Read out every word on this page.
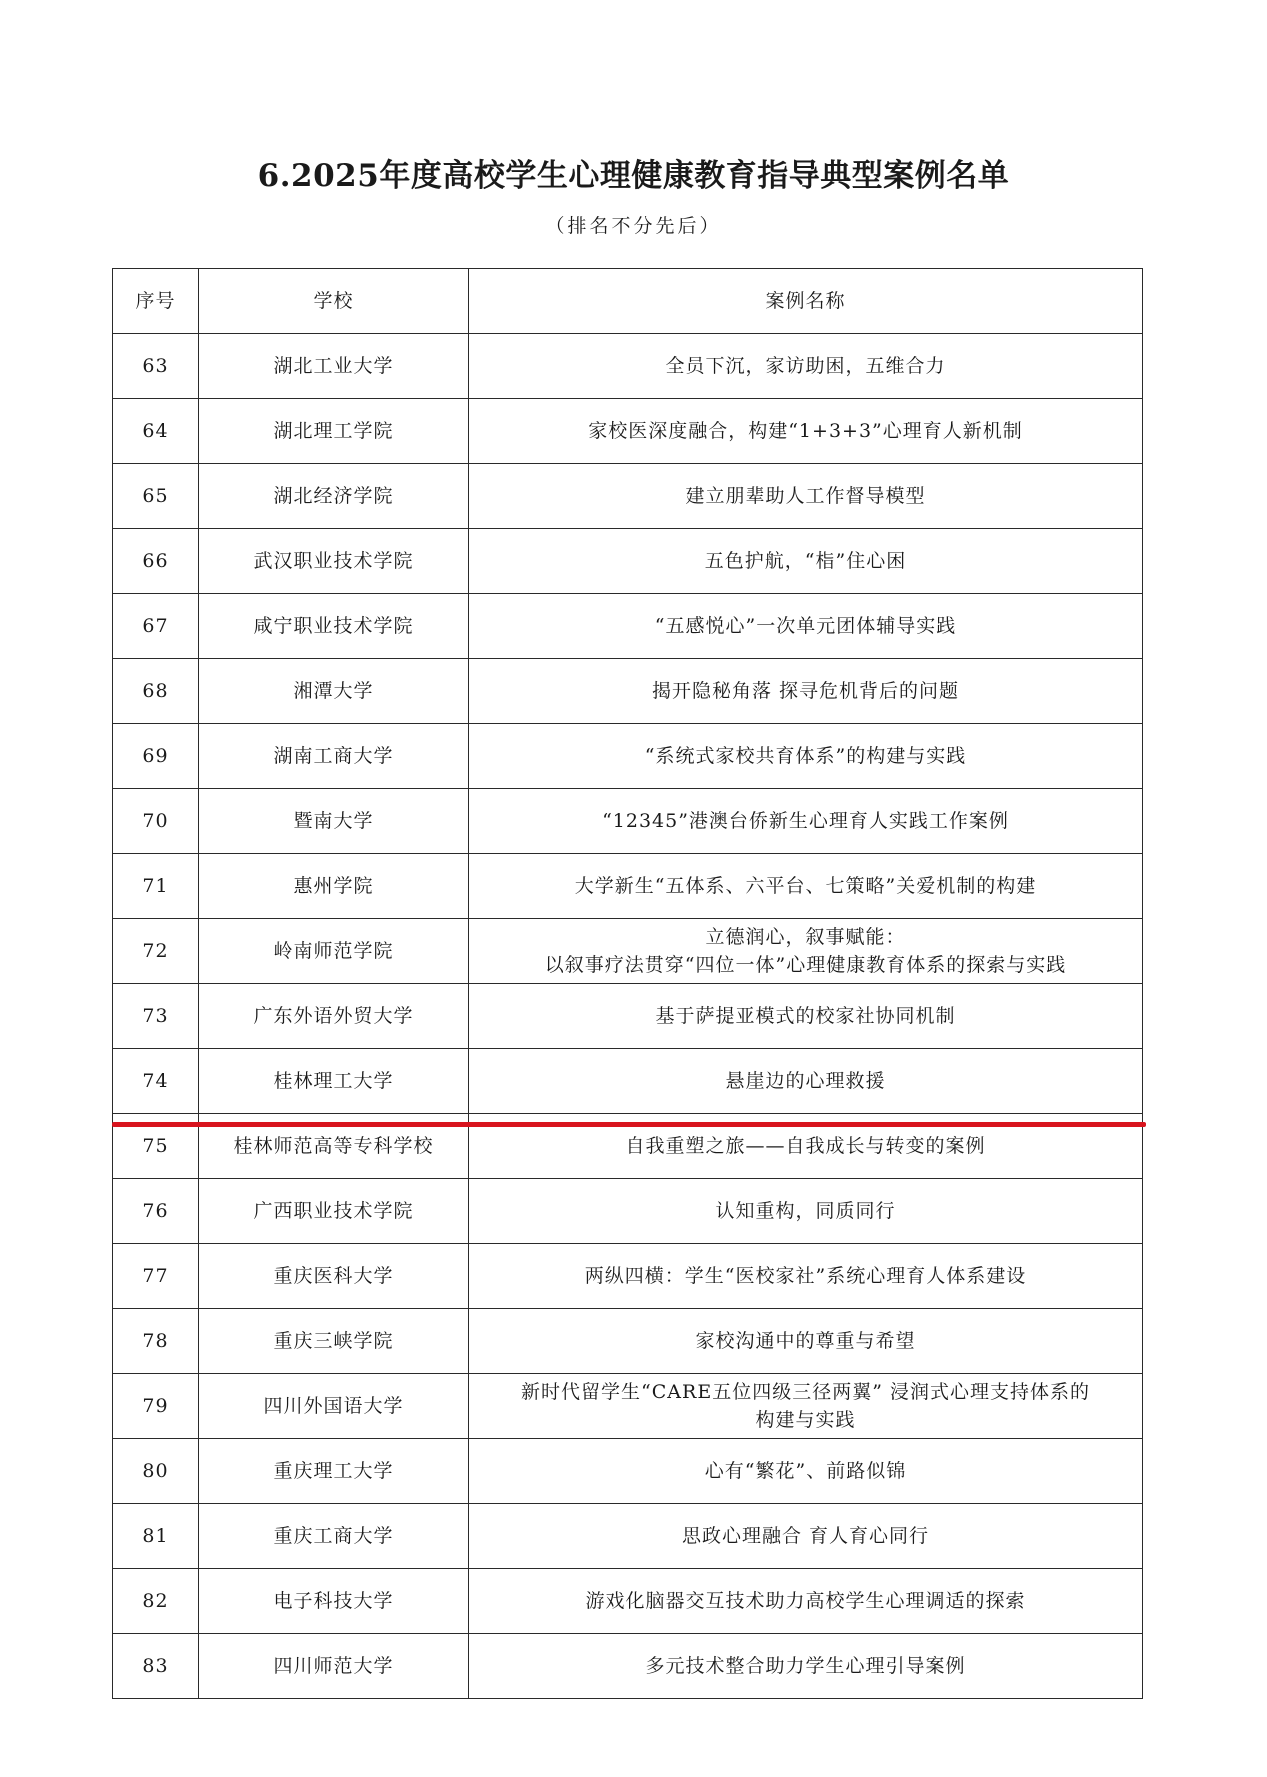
6.2025年度高校学生心理健康教育指导典型案例名单
（排名不分先后）
序号	学校	案例名称
63	湖北工业大学	全员下沉，家访助困，五维合力
64	湖北理工学院	家校医深度融合，构建“1+3+3”心理育人新机制
65	湖北经济学院	建立朋辈助人工作督导模型
66	武汉职业技术学院	五色护航，“栺”住心困
67	咸宁职业技术学院	“五感悦心”一次单元团体辅导实践
68	湘潭大学	揭开隐秘角落 探寻危机背后的问题
69	湖南工商大学	“系统式家校共育体系”的构建与实践
70	暨南大学	“12345”港澳台侨新生心理育人实践工作案例
71	惠州学院	大学新生“五体系、六平台、七策略”关爱机制的构建
72	岭南师范学院	立德润心，叙事赋能：
以叙事疗法贯穿“四位一体”心理健康教育体系的探索与实践

73	广东外语外贸大学	基于萨提亚模式的校家社协同机制
74	桂林理工大学	悬崖边的心理救援
75	桂林师范高等专科学校	自我重塑之旅——自我成长与转变的案例
76	广西职业技术学院	认知重构，同质同行
77	重庆医科大学	两纵四横：学生“医校家社”系统心理育人体系建设
78	重庆三峡学院	家校沟通中的尊重与希望
79	四川外国语大学	新时代留学生“CARE五位四级三径两翼” 浸润式心理支持体系的
构建与实践

80	重庆理工大学	心有“繁花”、前路似锦
81	重庆工商大学	思政心理融合 育人育心同行
82	电子科技大学	游戏化脑器交互技术助力高校学生心理调适的探索
83	四川师范大学	多元技术整合助力学生心理引导案例
